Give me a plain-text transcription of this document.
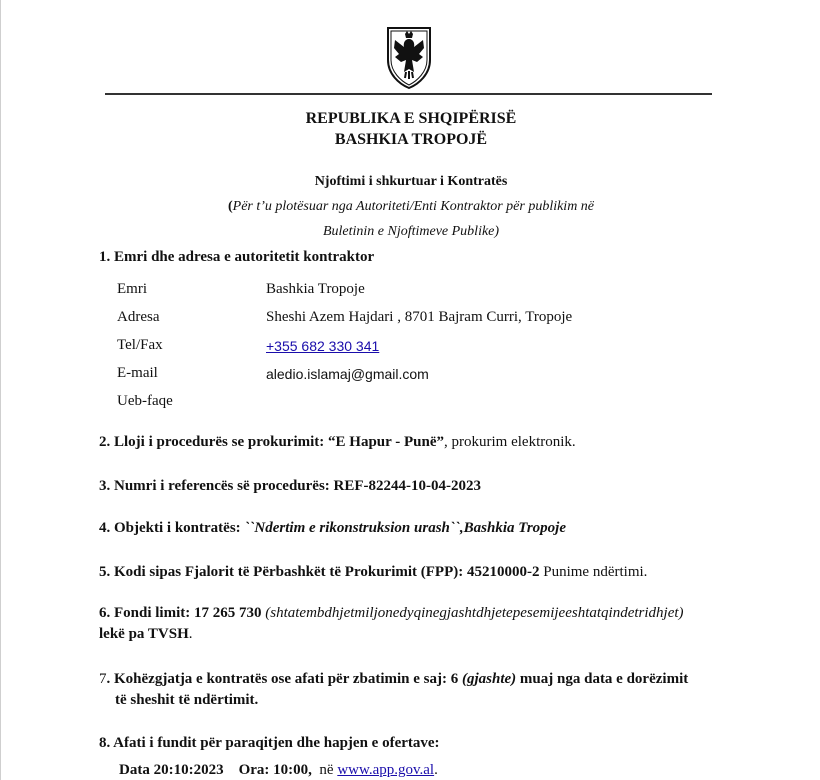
REPUBLIKA E SHQIPËRISË
BASHKIA TROPOJË
Njoftimi i shkurtuar i Kontratës
(Për t’u plotësuar nga Autoriteti/Enti Kontraktor për publikim në
Buletinin e Njoftimeve Publike)
1. Emri dhe adresa e autoritetit kontraktor
Emri	Bashkia Tropoje
Adresa	Sheshi Azem Hajdari , 8701 Bajram Curri, Tropoje
Tel/Fax	+355 682 330 341
E-mail	aledio.islamaj@gmail.com
Ueb-faqe
2. Lloji i procedurës se prokurimit: “E Hapur - Punë”, prokurim elektronik.
3. Numri i referencës së procedurës: REF-82244-10-04-2023
4. Objekti i kontratës: ``Ndertim e rikonstruksion urash``,Bashkia Tropoje
5. Kodi sipas Fjalorit të Përbashkët të Prokurimit (FPP): 45210000-2 Punime ndërtimi.
6. Fondi limit: 17 265 730 (shtatembdhjetmiljonedyqinegjashtdhjetepesemijeeshtatqindetridhjet)
lekë pa TVSH.
7. Kohëzgjatja e kontratës ose afati për zbatimin e saj: 6 (gjashte) muaj nga data e dorëzimit
të sheshit të ndërtimit.
8. Afati i fundit për paraqitjen dhe hapjen e ofertave:
Data 20:10:2023    Ora: 10:00,  në www.app.gov.al.
